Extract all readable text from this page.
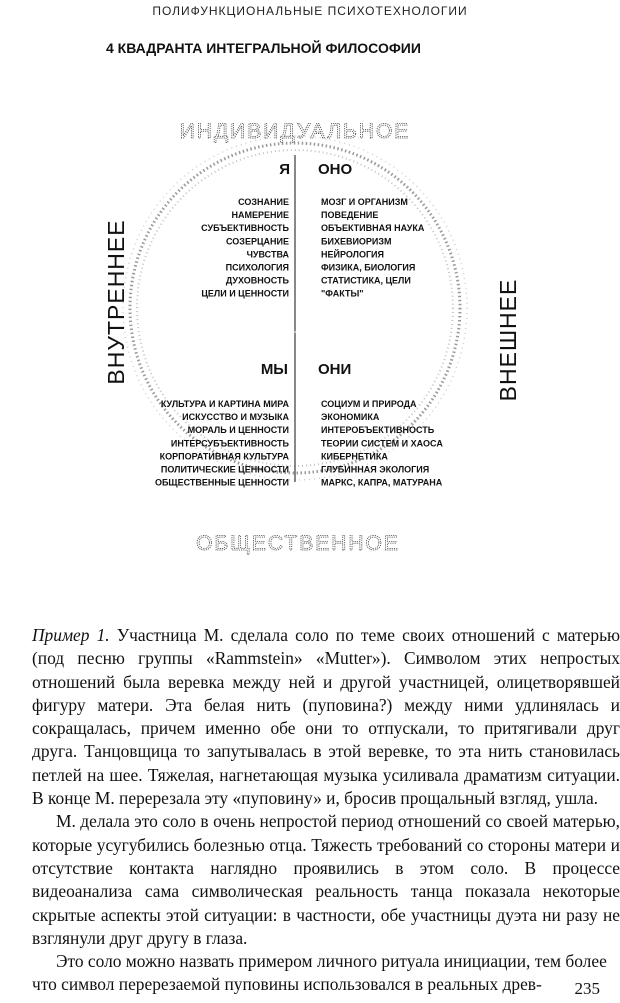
ПОЛИФУНКЦИОНАЛЬНЫЕ ПСИХОТЕХНОЛОГИИ
4 КВАДРАНТА ИНТЕГРАЛЬНОЙ ФИЛОСОФИИ
ИНДИВИДУАЛЬНОЕ
ОБЩЕСТВЕННОЕ
ВНУТРЕННЕЕ	ВНЕШНЕЕ
Я ОНО
МЫ ОНИ
СОЗНАНИЕ
НАМЕРЕНИЕ
СУБЪЕКТИВНОСТЬ
СОЗЕРЦАНИЕ
ЧУВСТВА
ПСИХОЛОГИЯ
ДУХОВНОСТЬ
ЦЕЛИ И ЦЕННОСТИ
МОЗГ И ОРГАНИЗМ
ПОВЕДЕНИЕ
ОБЪЕКТИВНАЯ НАУКА
БИХЕВИОРИЗМ
НЕЙРОЛОГИЯ
ФИЗИКА, БИОЛОГИЯ
СТАТИСТИКА, ЦЕЛИ
"ФАКТЫ"
КУЛЬТУРА И КАРТИНА МИРА
ИСКУССТВО И МУЗЫКА
МОРАЛЬ И ЦЕННОСТИ
ИНТЕРСУБЪЕКТИВНОСТЬ
КОРПОРАТИВНАЯ КУЛЬТУРА
ПОЛИТИЧЕСКИЕ ЦЕННОСТИ
ОБЩЕСТВЕННЫЕ ЦЕННОСТИ
СОЦИУМ И ПРИРОДА
ЭКОНОМИКА
ИНТЕРОБЪЕКТИВНОСТЬ
ТЕОРИИ СИСТЕМ И ХАОСА
КИБЕРНЕТИКА
ГЛУБИННАЯ ЭКОЛОГИЯ
МАРКС, КАПРА, МАТУРАНА

Пример 1. Участница М. сделала соло по теме своих отношений с матерью (под песню группы «Rammstein» «Mutter»). Символом этих непростых отношений была веревка между ней и другой участницей, олицетворявшей фигуру матери. Эта белая нить (пуповина?) между ними удлинялась и сокращалась, причем именно обе они то отпускали, то притягивали друг друга. Танцовщица то запутывалась в этой веревке, то эта нить становилась петлей на шее. Тяжелая, нагнетающая музыка усиливала драматизм ситуации. В конце М. перерезала эту «пуповину» и, бросив прощальный взгляд, ушла.

М. делала это соло в очень непростой период отношений со своей матерью, которые усугубились болезнью отца. Тяжесть требований со стороны матери и отсутствие контакта наглядно проявились в этом соло. В процессе видеоанализа сама символическая реальность танца показала некоторые скрытые аспекты этой ситуации: в частности, обе участницы дуэта ни разу не взглянули друг другу в глаза.

Это соло можно назвать примером личного ритуала инициации, тем более что символ перерезаемой пуповины использовался в реальных древ-	235
